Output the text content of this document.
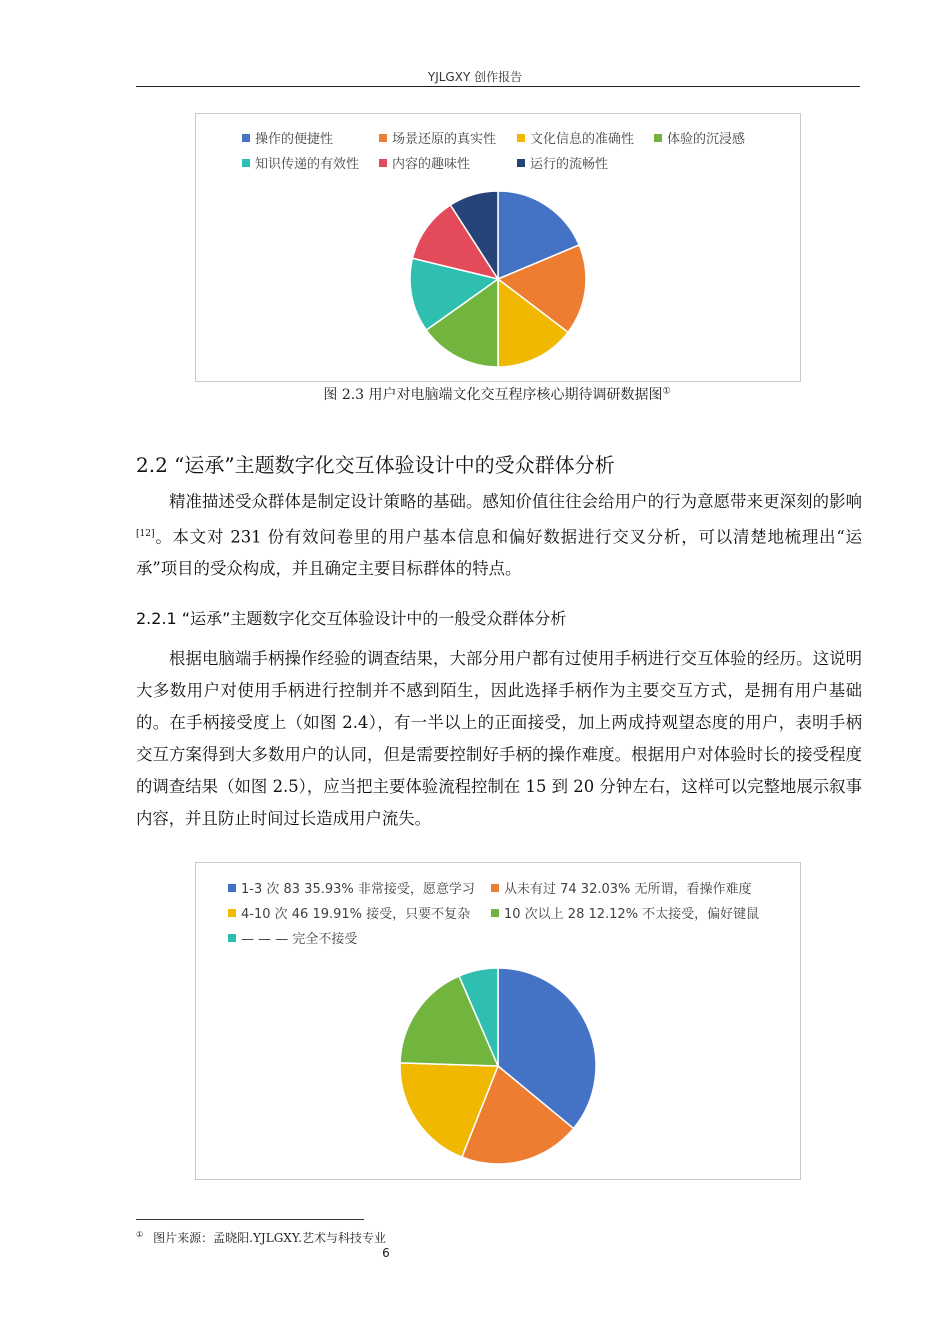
YJLGXY 创作报告
操作的便捷性	场景还原的真实性	文化信息的准确性	体验的沉浸感
知识传递的有效性	内容的趣味性	运行的流畅性
图 2.3 用户对电脑端文化交互程序核心期待调研数据图①
2.2 “运承”主题数字化交互体验设计中的受众群体分析
精准描述受众群体是制定设计策略的基础。感知价值往往会给用户的行为意愿带来更深刻的影响[12]。本文对 231 份有效问卷里的用户基本信息和偏好数据进行交叉分析，可以清楚地梳理出“运承”项目的受众构成，并且确定主要目标群体的特点。
2.2.1 “运承”主题数字化交互体验设计中的一般受众群体分析
根据电脑端手柄操作经验的调查结果，大部分用户都有过使用手柄进行交互体验的经历。这说明大多数用户对使用手柄进行控制并不感到陌生，因此选择手柄作为主要交互方式，是拥有用户基础的。在手柄接受度上（如图 2.4），有一半以上的正面接受，加上两成持观望态度的用户，表明手柄交互方案得到大多数用户的认同，但是需要控制好手柄的操作难度。根据用户对体验时长的接受程度的调查结果（如图 2.5），应当把主要体验流程控制在 15 到 20 分钟左右，这样可以完整地展示叙事内容，并且防止时间过长造成用户流失。
1-3 次 83 35.93% 非常接受，愿意学习	从未有过 74 32.03% 无所谓，看操作难度
4-10 次 46 19.91% 接受，只要不复杂	10 次以上 28 12.12% 不太接受，偏好键鼠
— — — 完全不接受
① 图片来源：孟晓阳.YJLGXY.艺术与科技专业
6
